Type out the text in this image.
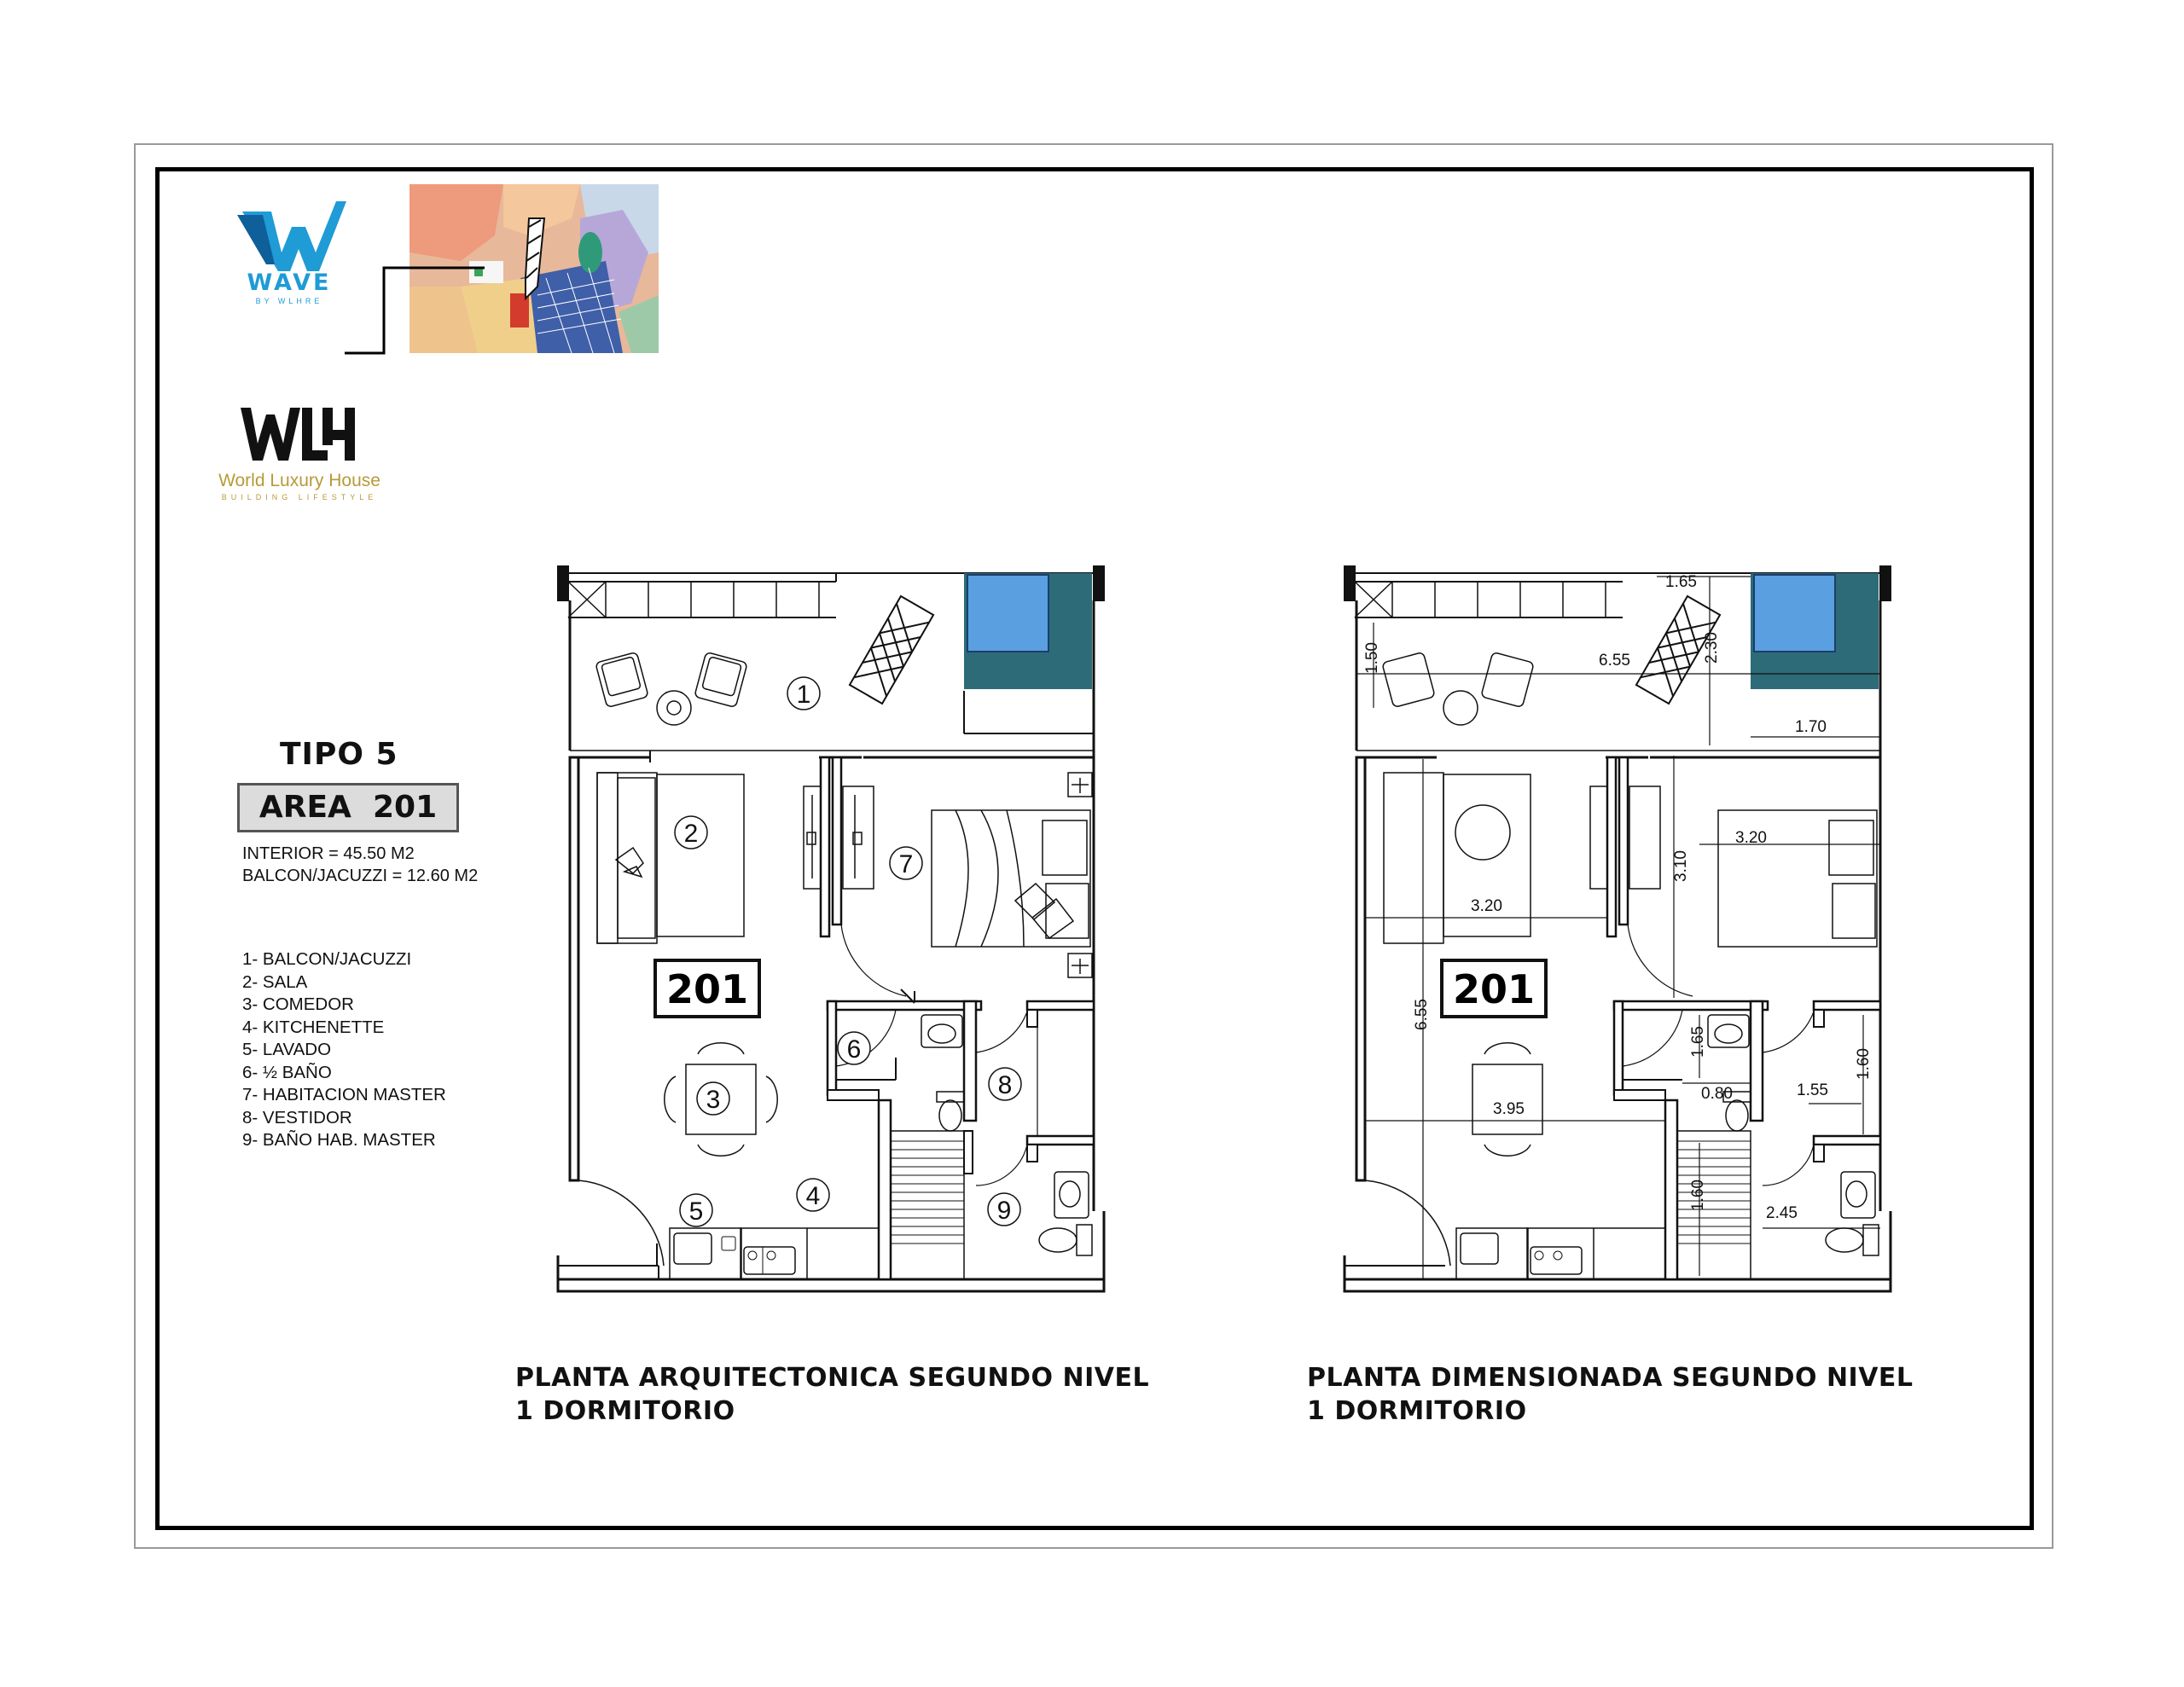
WAVE
BY WLHRE
World Luxury House
BUILDING LIFESTYLE
TIPO 5
AREA  201
INTERIOR = 45.50 M2
BALCON/JACUZZI = 12.60 M2
1- BALCON/JACUZZI
2- SALA
3- COMEDOR
4- KITCHENETTE
5- LAVADO
6- ½ BAÑO
7- HABITACION MASTER
8- VESTIDOR
9- BAÑO HAB. MASTER
201
1
2
3
4
5
6
7
8
9
201
1.65
6.55	2.30
1.50
1.70
3.20
3.10
3.20
6.55
1.65
0.80
1.60
1.55
3.95
2.45
1.60
PLANTA ARQUITECTONICA SEGUNDO NIVEL
1 DORMITORIO
PLANTA DIMENSIONADA SEGUNDO NIVEL
1 DORMITORIO
